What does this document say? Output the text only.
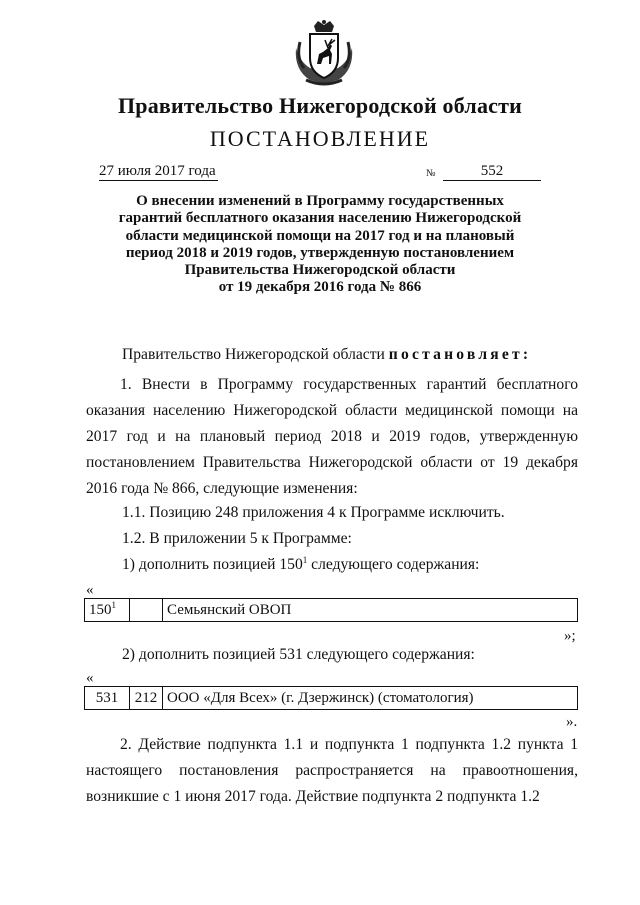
Правительство Нижегородской области
ПОСТАНОВЛЕНИЕ
27 июля 2017 года	№	552
О внесении изменений в Программу государственных
гарантий бесплатного оказания населению Нижегородской
области медицинской помощи на 2017 год и на плановый
период 2018 и 2019 годов, утвержденную постановлением
Правительства Нижегородской области
от 19 декабря 2016 года № 866
Правительство Нижегородской области постановляет:
1. Внести в Программу государственных гарантий бесплатного оказания населению Нижегородской области медицинской помощи на 2017 год и на плановый период 2018 и 2019 годов, утвержденную постановлением Правительства Нижегородской области от 19 декабря 2016 года № 866, следующие изменения:
1.1. Позицию 248 приложения 4 к Программе исключить.
1.2. В приложении 5 к Программе:
1) дополнить позицией $150^1$ следующего содержания:
«
$150^1$		Семьянский ОВОП
»;
2) дополнить позицией 531 следующего содержания:
«
531	212	ООО «Для Всех» (г. Дзержинск) (стоматология)
».
2. Действие подпункта 1.1 и подпункта 1 подпункта 1.2 пункта 1 настоящего постановления распространяется на правоотношения, возникшие с 1 июня 2017 года. Действие подпункта 2 подпункта 1.2
